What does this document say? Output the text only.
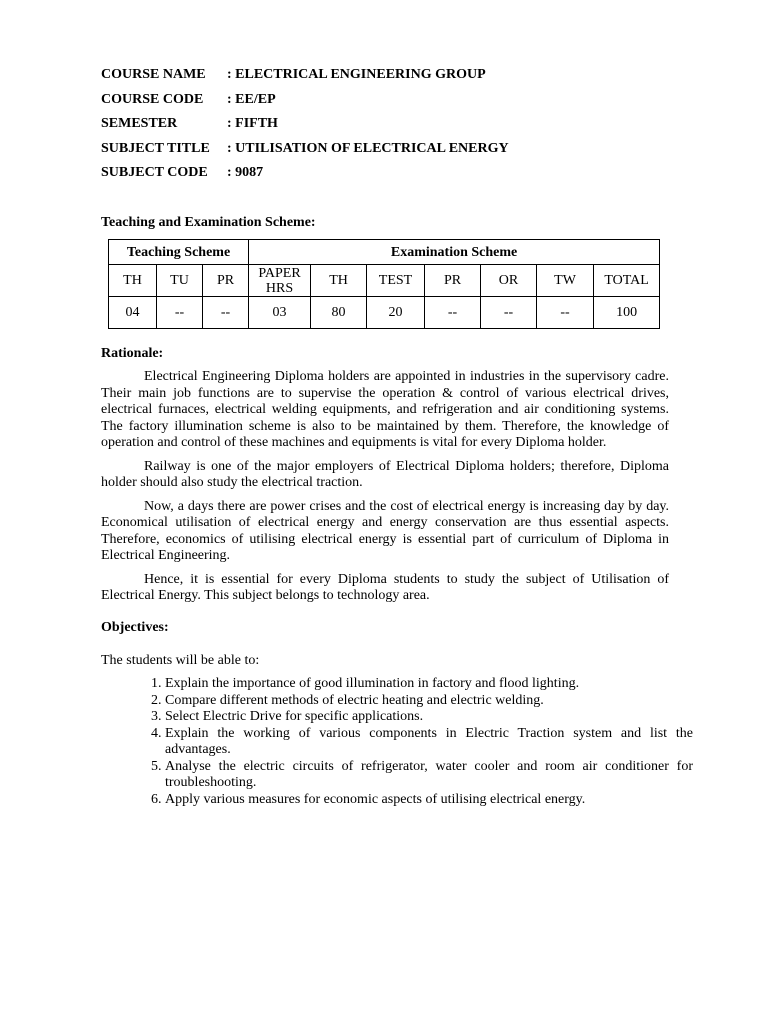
COURSE NAME : ELECTRICAL ENGINEERING GROUP
COURSE CODE : EE/EP
SEMESTER	: FIFTH
SUBJECT TITLE : UTILISATION OF ELECTRICAL ENERGY
SUBJECT CODE : 9087
Teaching and Examination Scheme:
Teaching Scheme			Examination Scheme						
TH	TU	PR	PAPER HRS	TH	TEST	PR	OR	TW	TOTAL
04	--	--	03	80	20	--	--	--	100
Rationale:

Electrical Engineering Diploma holders are appointed in industries in the supervisory cadre. Their main job functions are to supervise the operation & control of various electrical drives, electrical furnaces, electrical welding equipments, and refrigeration and air conditioning systems. The factory illumination scheme is also to be maintained by them. Therefore, the knowledge of operation and control of these machines and equipments is vital for every Diploma holder.

Railway is one of the major employers of Electrical Diploma holders; therefore, Diploma holder should also study the electrical traction.

Now, a days there are power crises and the cost of electrical energy is increasing day by day. Economical utilisation of electrical energy and energy conservation are thus essential aspects. Therefore, economics of utilising electrical energy is essential part of curriculum of Diploma in Electrical Engineering.

Hence, it is essential for every Diploma students to study the subject of Utilisation of Electrical Energy. This subject belongs to technology area.

Objectives:
The students will be able to:
1. Explain the importance of good illumination in factory and flood lighting.
2. Compare different methods of electric heating and electric welding.
3. Select Electric Drive for specific applications.
4. Explain the working of various components in Electric Traction system and list the advantages.
5. Analyse the electric circuits of refrigerator, water cooler and room air conditioner for troubleshooting.
6. Apply various measures for economic aspects of utilising electrical energy.
